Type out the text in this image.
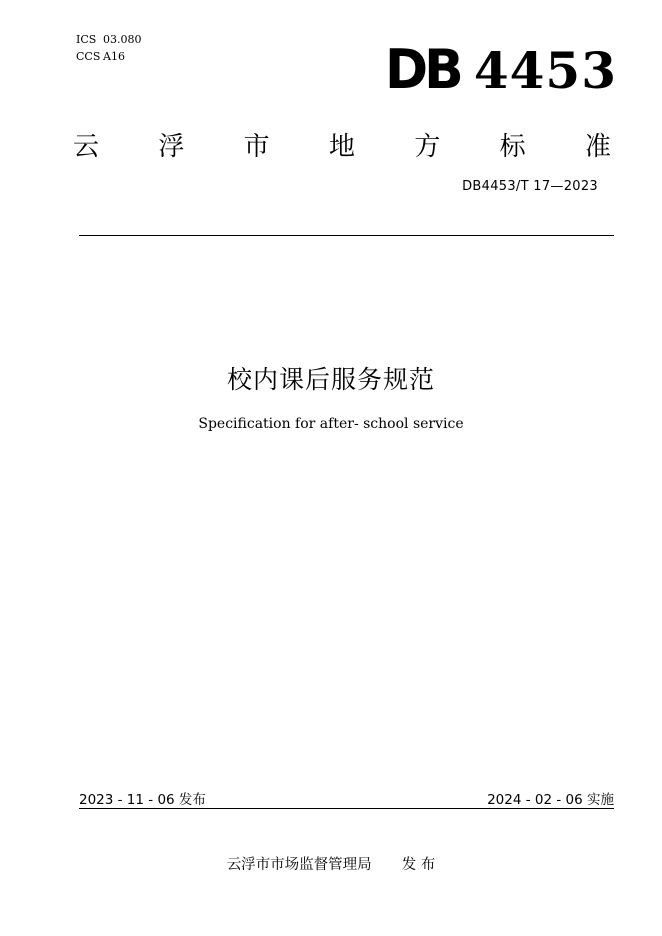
ICS 03.080
CCS A16	DB 4453
云 浮 市 地 方 标 准
DB4453/T 17—2023
校内课后服务规范
Specification for after- school service
2023 - 11 - 06 发布	2024 - 02 - 06 实施
云浮市市场监督管理局 发 布
